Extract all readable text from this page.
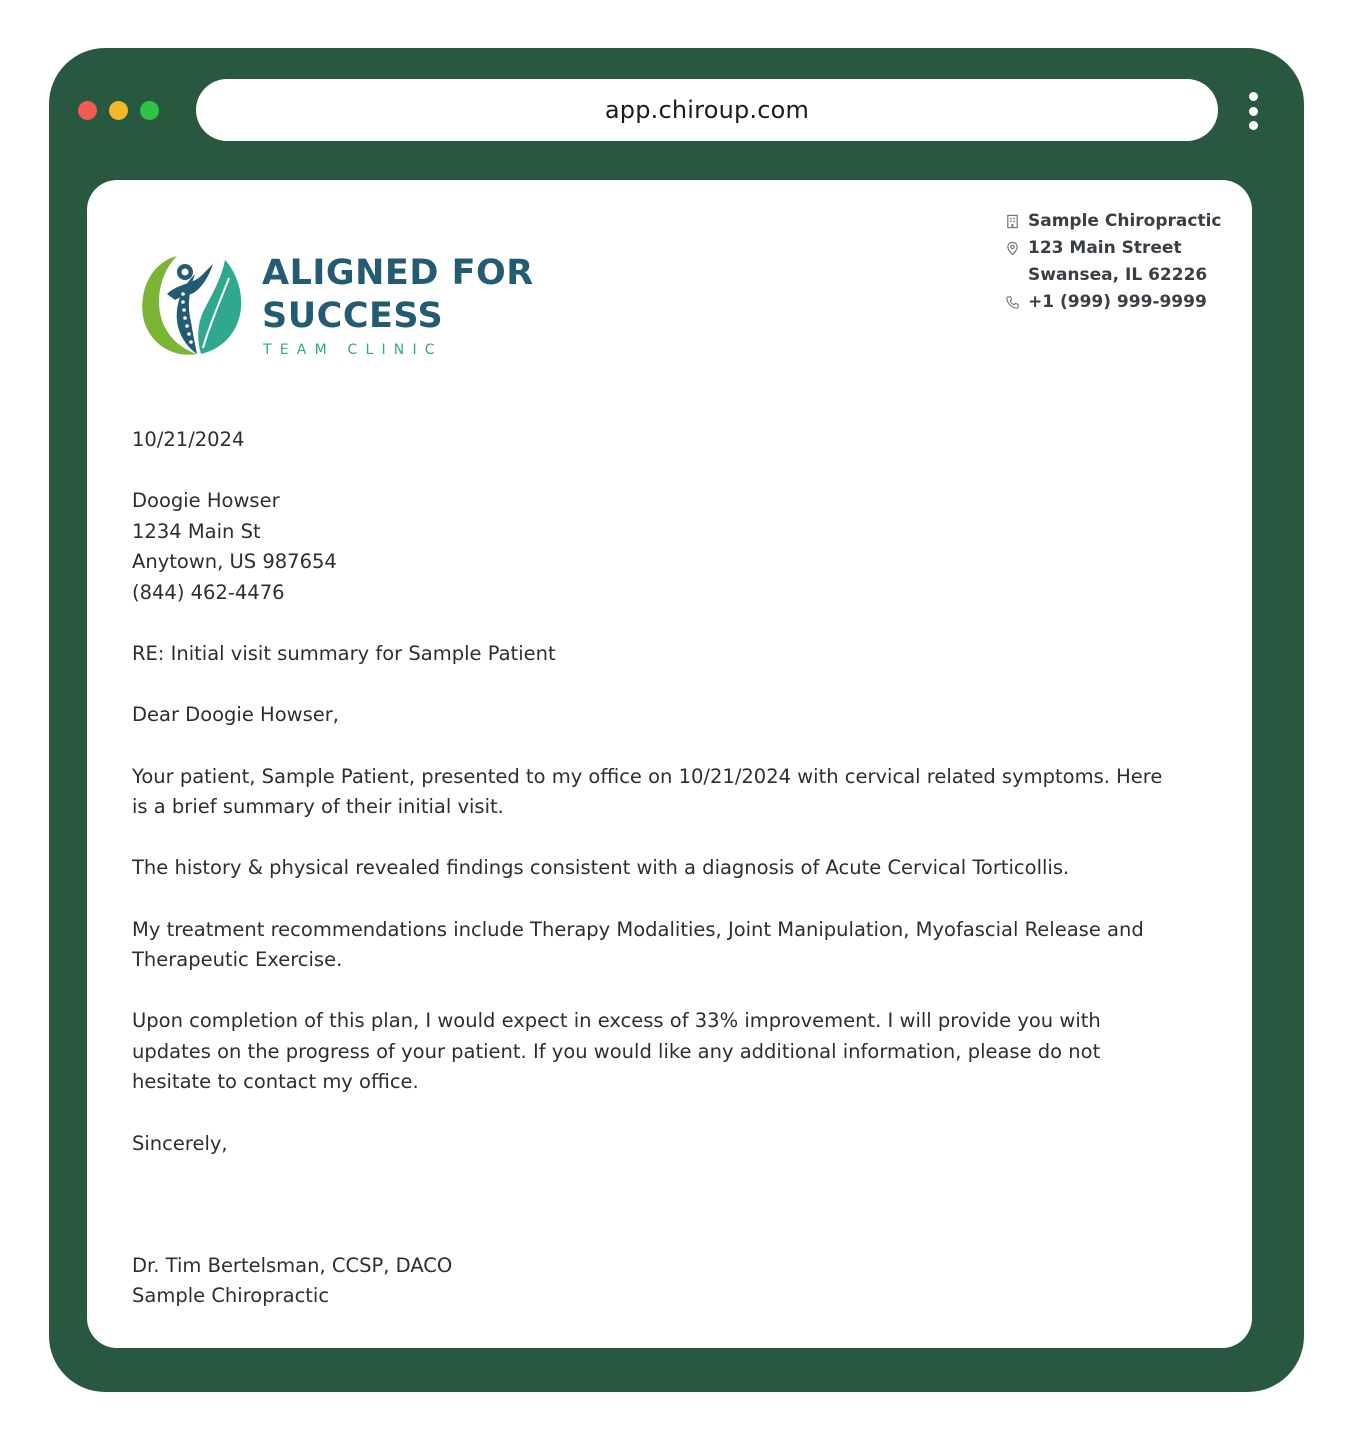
app.chiroup.com
ALIGNED FOR
SUCCESS
TEAM CLINIC
Sample Chiropractic
123 Main Street
Swansea, IL 62226
+1 (999) 999-9999

10/21/2024

Doogie Howser
1234 Main St
Anytown, US 987654
(844) 462-4476

RE: Initial visit summary for Sample Patient

Dear Doogie Howser,

Your patient, Sample Patient, presented to my office on 10/21/2024 with cervical related symptoms. Here
is a brief summary of their initial visit.

The history & physical revealed findings consistent with a diagnosis of Acute Cervical Torticollis.

My treatment recommendations include Therapy Modalities, Joint Manipulation, Myofascial Release and
Therapeutic Exercise.

Upon completion of this plan, I would expect in excess of 33% improvement. I will provide you with
updates on the progress of your patient. If you would like any additional information, please do not
hesitate to contact my office.

Sincerely,

Dr. Tim Bertelsman, CCSP, DACO
Sample Chiropractic
